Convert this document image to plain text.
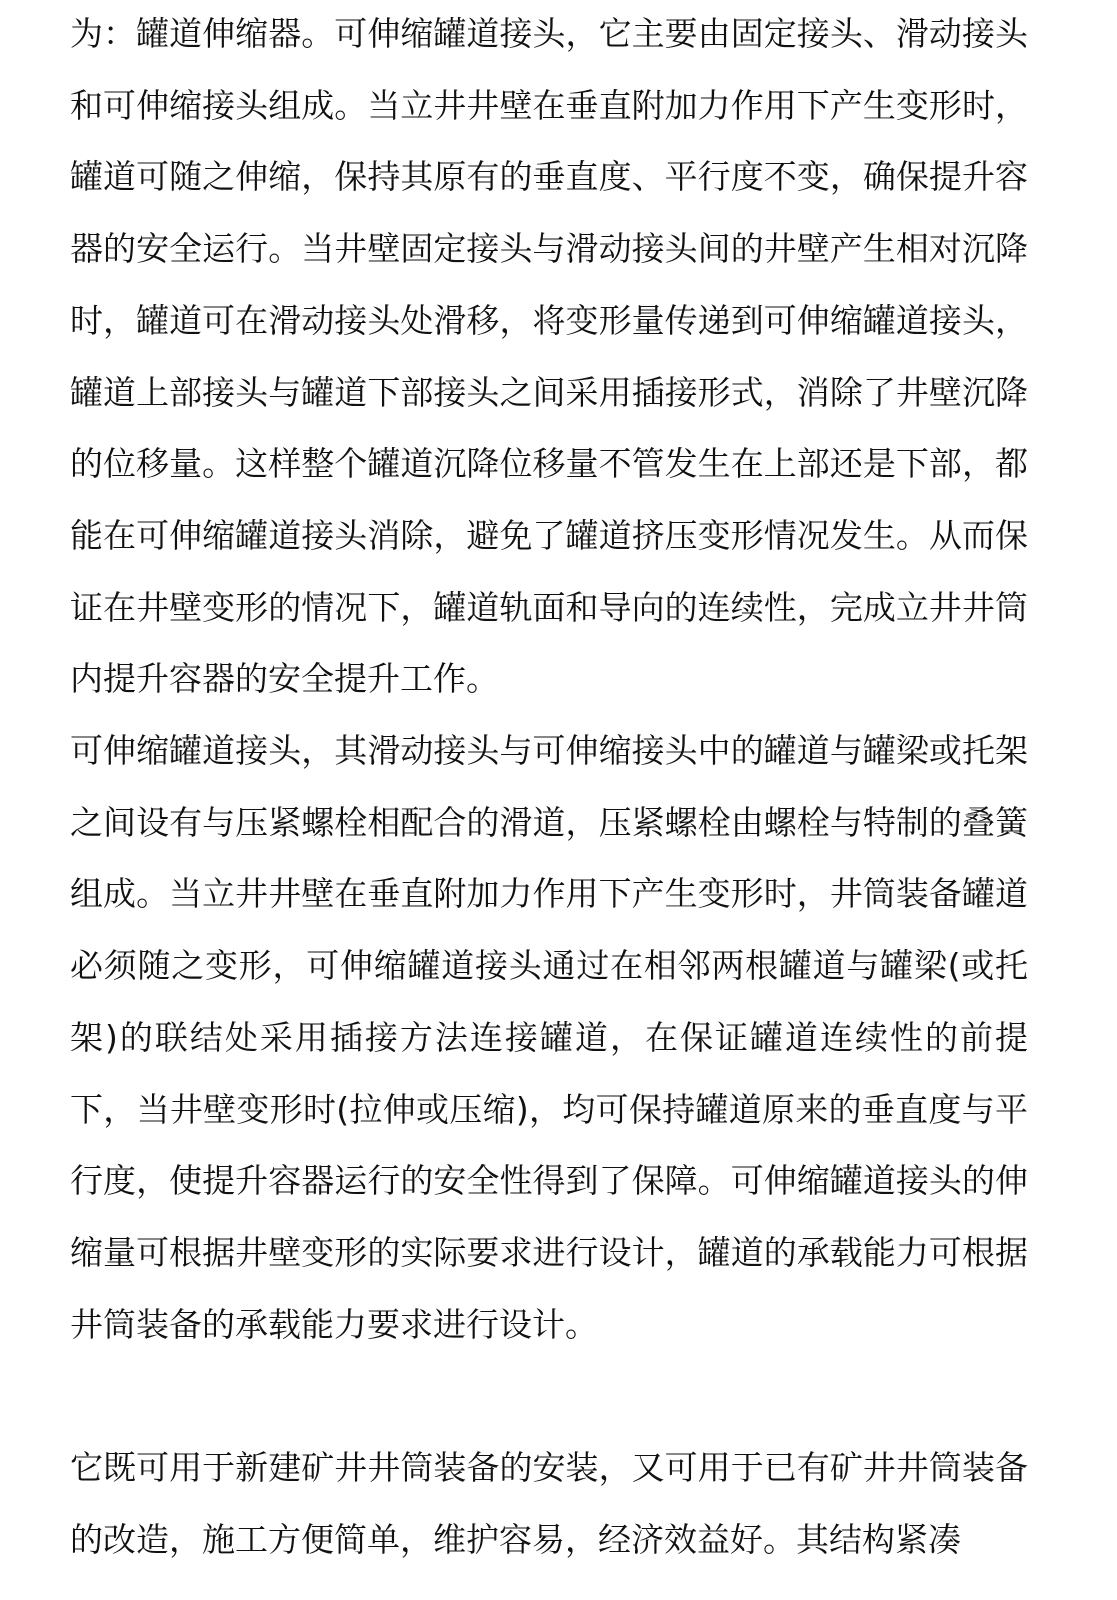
为：罐道伸缩器。可伸缩罐道接头，它主要由固定接头、滑动接头和可伸缩接头组成。当立井井壁在垂直附加力作用下产生变形时，罐道可随之伸缩，保持其原有的垂直度、平行度不变，确保提升容器的安全运行。当井壁固定接头与滑动接头间的井壁产生相对沉降时，罐道可在滑动接头处滑移，将变形量传递到可伸缩罐道接头，罐道上部接头与罐道下部接头之间采用插接形式，消除了井壁沉降的位移量。这样整个罐道沉降位移量不管发生在上部还是下部，都能在可伸缩罐道接头消除，避免了罐道挤压变形情况发生。从而保证在井壁变形的情况下，罐道轨面和导向的连续性，完成立井井筒内提升容器的安全提升工作。

可伸缩罐道接头，其滑动接头与可伸缩接头中的罐道与罐梁或托架之间设有与压紧螺栓相配合的滑道，压紧螺栓由螺栓与特制的叠簧组成。当立井井壁在垂直附加力作用下产生变形时，井筒装备罐道必须随之变形，可伸缩罐道接头通过在相邻两根罐道与罐梁(或托架)的联结处采用插接方法连接罐道，在保证罐道连续性的前提下，当井壁变形时(拉伸或压缩)，均可保持罐道原来的垂直度与平行度，使提升容器运行的安全性得到了保障。可伸缩罐道接头的伸缩量可根据井壁变形的实际要求进行设计，罐道的承载能力可根据井筒装备的承载能力要求进行设计。

它既可用于新建矿井井筒装备的安装，又可用于已有矿井井筒装备的改造，施工方便简单，维护容易，经济效益好。其结构紧凑
